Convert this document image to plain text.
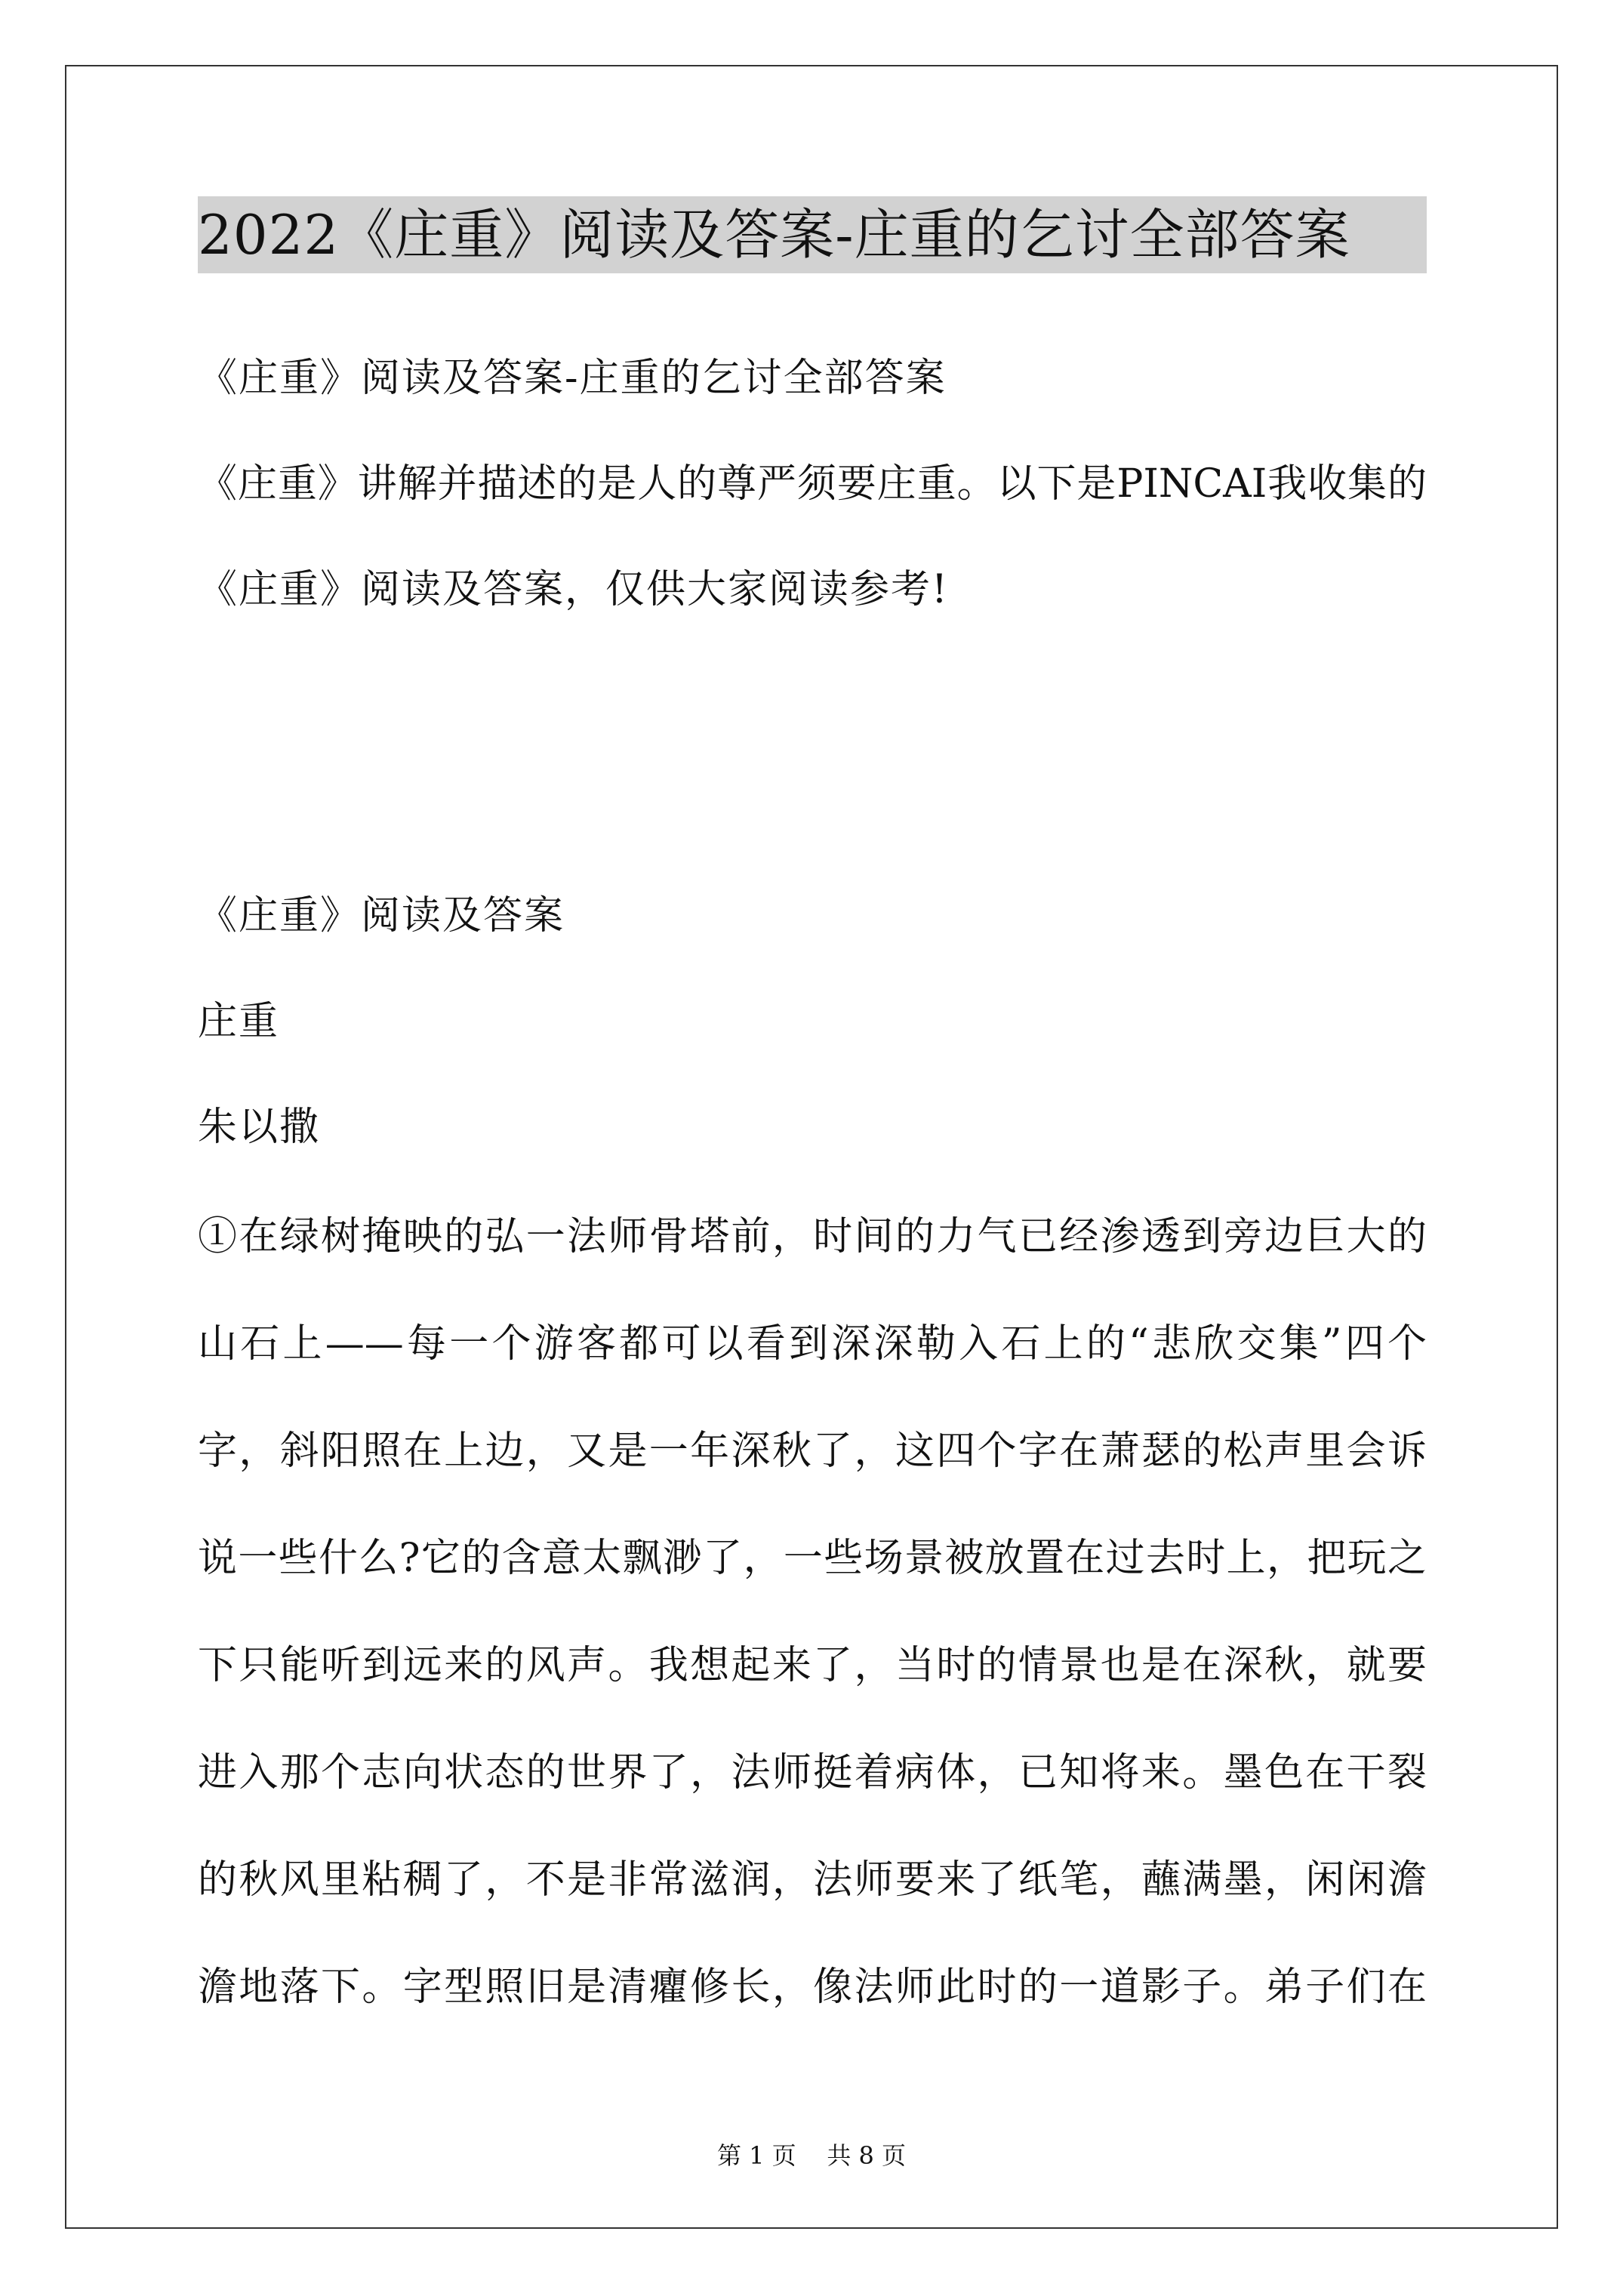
2022《庄重》阅读及答案-庄重的乞讨全部答案
《庄重》阅读及答案-庄重的乞讨全部答案
《庄重》讲解并描述的是人的尊严须要庄重。以下是PINCAI我收集的
《庄重》阅读及答案，仅供大家阅读参考!
《庄重》阅读及答案
庄重
朱以撒
①在绿树掩映的弘一法师骨塔前，时间的力气已经渗透到旁边巨大的
山石上——每一个游客都可以看到深深勒入石上的“悲欣交集”四个
字，斜阳照在上边，又是一年深秋了，这四个字在萧瑟的松声里会诉
说一些什么?它的含意太飘渺了，一些场景被放置在过去时上，把玩之
下只能听到远来的风声。我想起来了，当时的情景也是在深秋，就要
进入那个志向状态的世界了，法师挺着病体，已知将来。墨色在干裂
的秋风里粘稠了，不是非常滋润，法师要来了纸笔，蘸满墨，闲闲澹
澹地落下。字型照旧是清癯修长，像法师此时的一道影子。弟子们在
第 1 页    共 8 页
